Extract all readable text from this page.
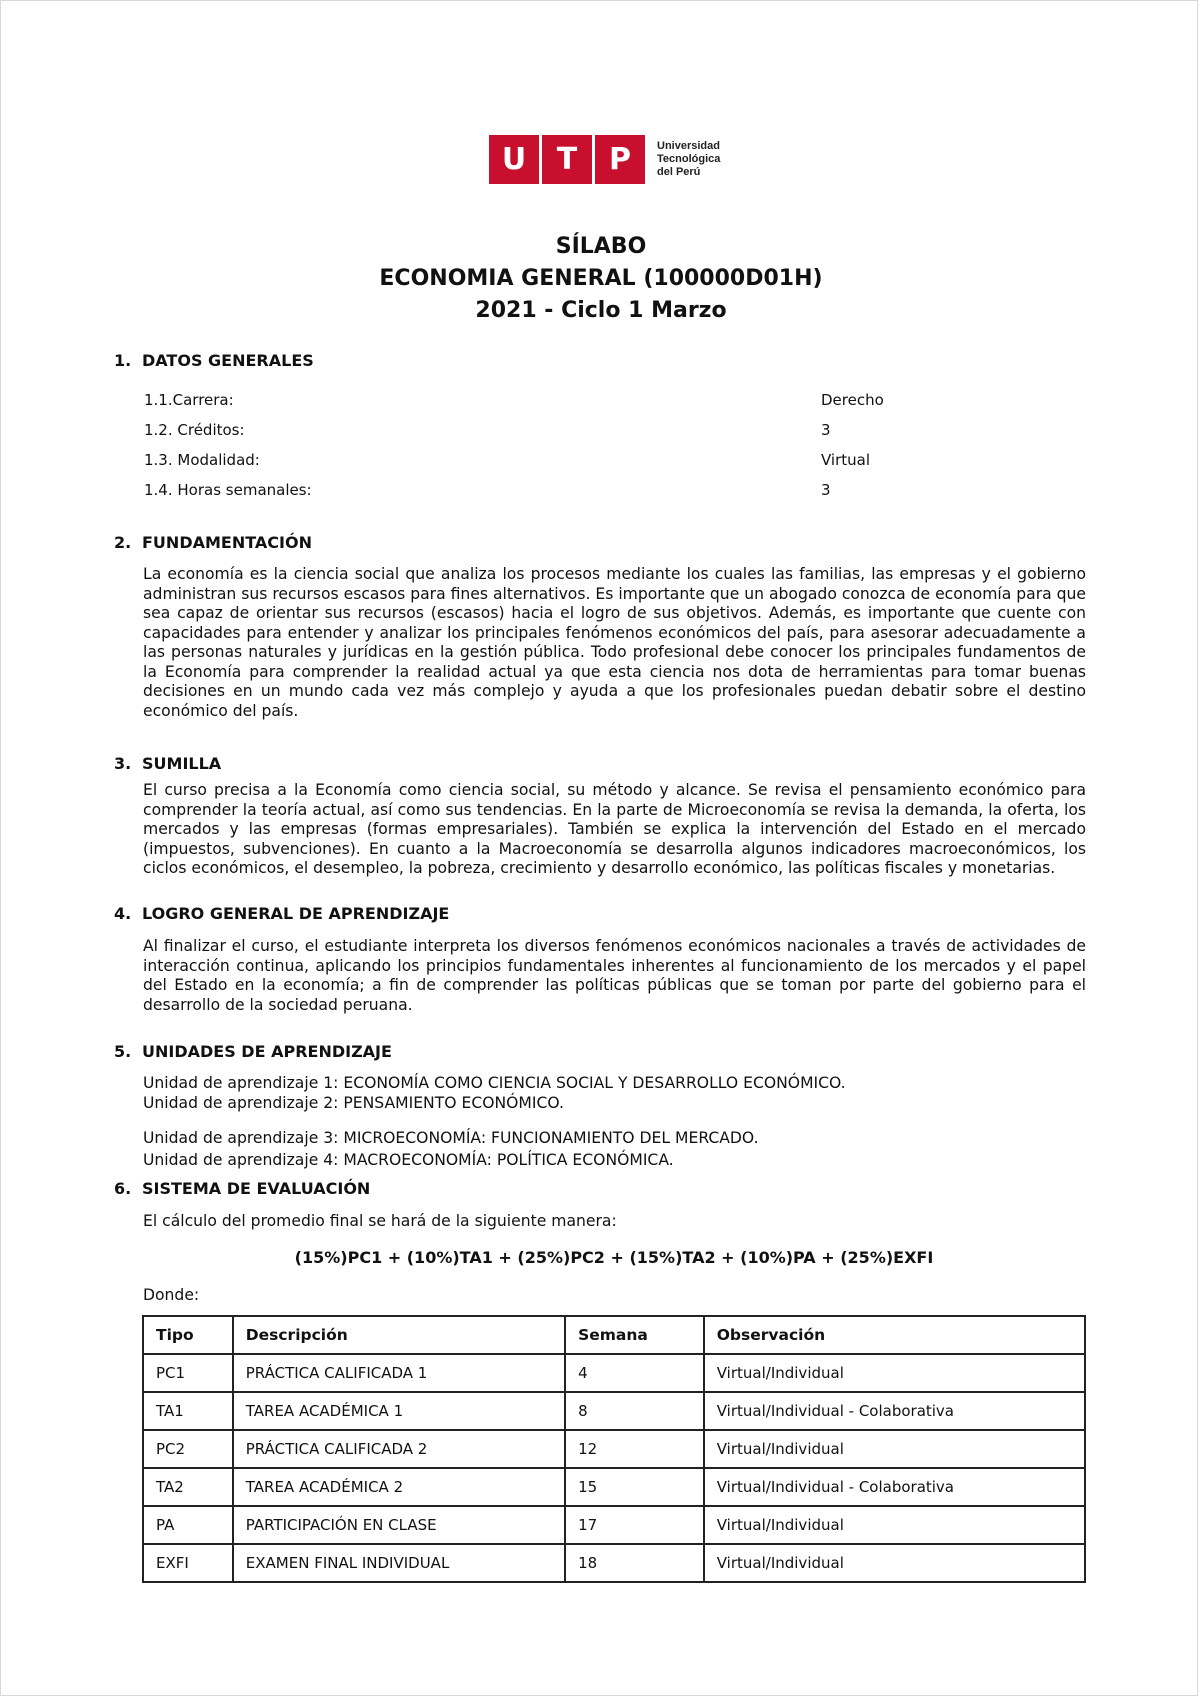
U	T	P	Universidad
Tecnológica
del Perú
SÍLABO
ECONOMIA GENERAL (100000D01H)
2021 - Ciclo 1 Marzo
1. DATOS GENERALES
1.1.Carrera:	Derecho
1.2. Créditos:	3
1.3. Modalidad:	Virtual
1.4. Horas semanales:	3
2. FUNDAMENTACIÓN
La economía es la ciencia social que analiza los procesos mediante los cuales las familias, las empresas y el gobierno administran sus recursos escasos para fines alternativos. Es importante que un abogado conozca de economía para que sea capaz de orientar sus recursos (escasos) hacia el logro de sus objetivos. Además, es importante que cuente con capacidades para entender y analizar los principales fenómenos económicos del país, para asesorar adecuadamente a las personas naturales y jurídicas en la gestión pública. Todo profesional debe conocer los principales fundamentos de la Economía para comprender la realidad actual ya que esta ciencia nos dota de herramientas para tomar buenas decisiones en un mundo cada vez más complejo y ayuda a que los profesionales puedan debatir sobre el destino económico del país.
3. SUMILLA
El curso precisa a la Economía como ciencia social, su método y alcance. Se revisa el pensamiento económico para comprender la teoría actual, así como sus tendencias. En la parte de Microeconomía se revisa la demanda, la oferta, los mercados y las empresas (formas empresariales). También se explica la intervención del Estado en el mercado (impuestos, subvenciones). En cuanto a la Macroeconomía se desarrolla algunos indicadores macroeconómicos, los ciclos económicos, el desempleo, la pobreza, crecimiento y desarrollo económico, las políticas fiscales y monetarias.
4. LOGRO GENERAL DE APRENDIZAJE
Al finalizar el curso, el estudiante interpreta los diversos fenómenos económicos nacionales a través de actividades de interacción continua, aplicando los principios fundamentales inherentes al funcionamiento de los mercados y el papel del Estado en la economía; a fin de comprender las políticas públicas que se toman por parte del gobierno para el desarrollo de la sociedad peruana.
5. UNIDADES DE APRENDIZAJE
Unidad de aprendizaje 1: ECONOMÍA COMO CIENCIA SOCIAL Y DESARROLLO ECONÓMICO.
Unidad de aprendizaje 2: PENSAMIENTO ECONÓMICO.
Unidad de aprendizaje 3: MICROECONOMÍA: FUNCIONAMIENTO DEL MERCADO.
Unidad de aprendizaje 4: MACROECONOMÍA: POLÍTICA ECONÓMICA.
6. SISTEMA DE EVALUACIÓN
El cálculo del promedio final se hará de la siguiente manera:
(15%)PC1 + (10%)TA1 + (25%)PC2 + (15%)TA2 + (10%)PA + (25%)EXFI
Donde:
Tipo	Descripción	Semana	Observación
PC1	PRÁCTICA CALIFICADA 1	4	Virtual/Individual
TA1	TAREA ACADÉMICA 1	8	Virtual/Individual - Colaborativa
PC2	PRÁCTICA CALIFICADA 2	12	Virtual/Individual
TA2	TAREA ACADÉMICA 2	15	Virtual/Individual - Colaborativa
PA	PARTICIPACIÓN EN CLASE	17	Virtual/Individual
EXFI	EXAMEN FINAL INDIVIDUAL	18	Virtual/Individual
